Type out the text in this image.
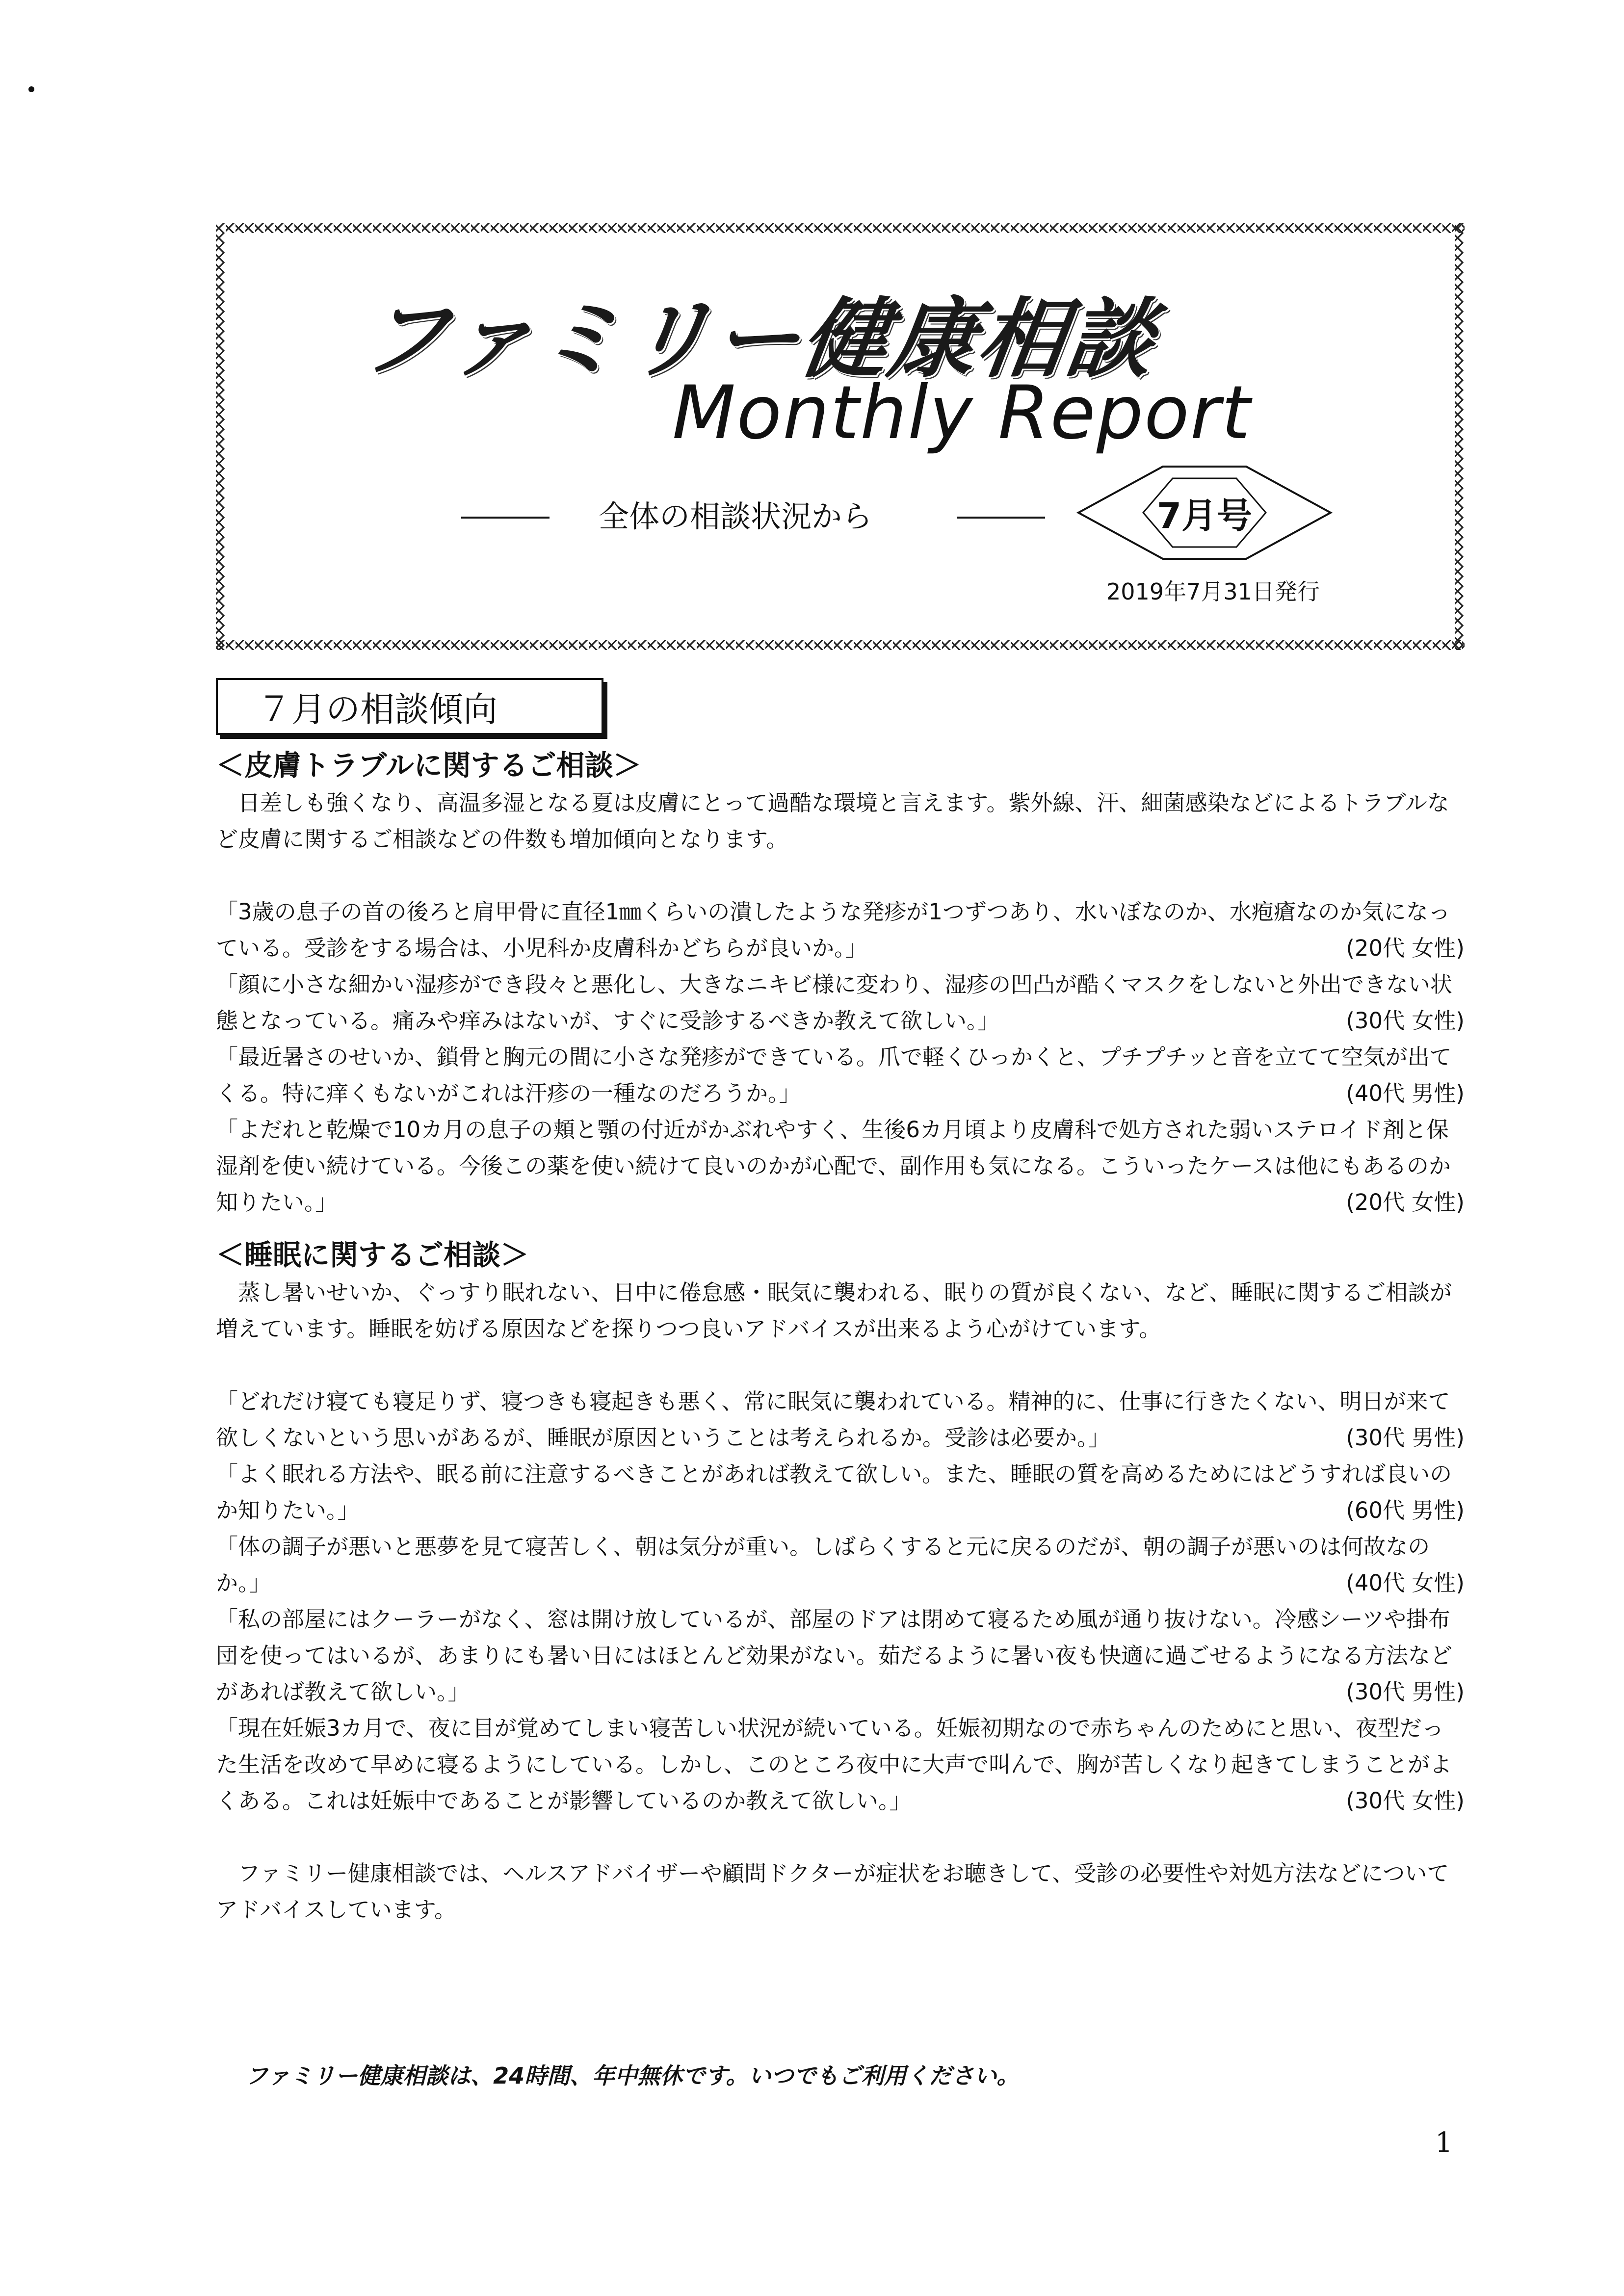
ファミリー健康相談
Monthly Report

全体の相談状況から	7月号
2019年7月31日発行
７月の相談傾向

＜皮膚トラブルに関するご相談＞

日差しも強くなり、高温多湿となる夏は皮膚にとって過酷な環境と言えます。紫外線、汗、細菌感染などによるトラブルなど皮膚に関するご相談などの件数も増加傾向となります。

「3歳の息子の首の後ろと肩甲骨に直径1㎜くらいの潰したような発疹が1つずつあり、水いぼなのか、水疱瘡なのか気になっている。受診をする場合は、小児科か皮膚科かどちらが良いか。」	(20代 女性)
「顔に小さな細かい湿疹ができ段々と悪化し、大きなニキビ様に変わり、湿疹の凹凸が酷くマスクをしないと外出できない状態となっている。痛みや痒みはないが、すぐに受診するべきか教えて欲しい。」	(30代 女性)
「最近暑さのせいか、鎖骨と胸元の間に小さな発疹ができている。爪で軽くひっかくと、プチプチッと音を立てて空気が出てくる。特に痒くもないがこれは汗疹の一種なのだろうか。」	(40代 男性)
「よだれと乾燥で10カ月の息子の頬と顎の付近がかぶれやすく、生後6カ月頃より皮膚科で処方された弱いステロイド剤と保湿剤を使い続けている。今後この薬を使い続けて良いのかが心配で、副作用も気になる。こういったケースは他にもあるのか知りたい。」	(20代 女性)

＜睡眠に関するご相談＞

蒸し暑いせいか、ぐっすり眠れない、日中に倦怠感・眠気に襲われる、眠りの質が良くない、など、睡眠に関するご相談が増えています。睡眠を妨げる原因などを探りつつ良いアドバイスが出来るよう心がけています。

「どれだけ寝ても寝足りず、寝つきも寝起きも悪く、常に眠気に襲われている。精神的に、仕事に行きたくない、明日が来て欲しくないという思いがあるが、睡眠が原因ということは考えられるか。受診は必要か。」	(30代 男性)
「よく眠れる方法や、眠る前に注意するべきことがあれば教えて欲しい。また、睡眠の質を高めるためにはどうすれば良いのか知りたい。」	(60代 男性)
「体の調子が悪いと悪夢を見て寝苦しく、朝は気分が重い。しばらくすると元に戻るのだが、朝の調子が悪いのは何故なのか。」	(40代 女性)
「私の部屋にはクーラーがなく、窓は開け放しているが、部屋のドアは閉めて寝るため風が通り抜けない。冷感シーツや掛布団を使ってはいるが、あまりにも暑い日にはほとんど効果がない。茹だるように暑い夜も快適に過ごせるようになる方法などがあれば教えて欲しい。」	(30代 男性)
「現在妊娠3カ月で、夜に目が覚めてしまい寝苦しい状況が続いている。妊娠初期なので赤ちゃんのためにと思い、夜型だった生活を改めて早めに寝るようにしている。しかし、このところ夜中に大声で叫んで、胸が苦しくなり起きてしまうことがよくある。これは妊娠中であることが影響しているのか教えて欲しい。」	(30代 女性)

ファミリー健康相談では、ヘルスアドバイザーや顧問ドクターが症状をお聴きして、受診の必要性や対処方法などについてアドバイスしています。

ファミリー健康相談は、24時間、年中無休です。いつでもご利用ください。
1
